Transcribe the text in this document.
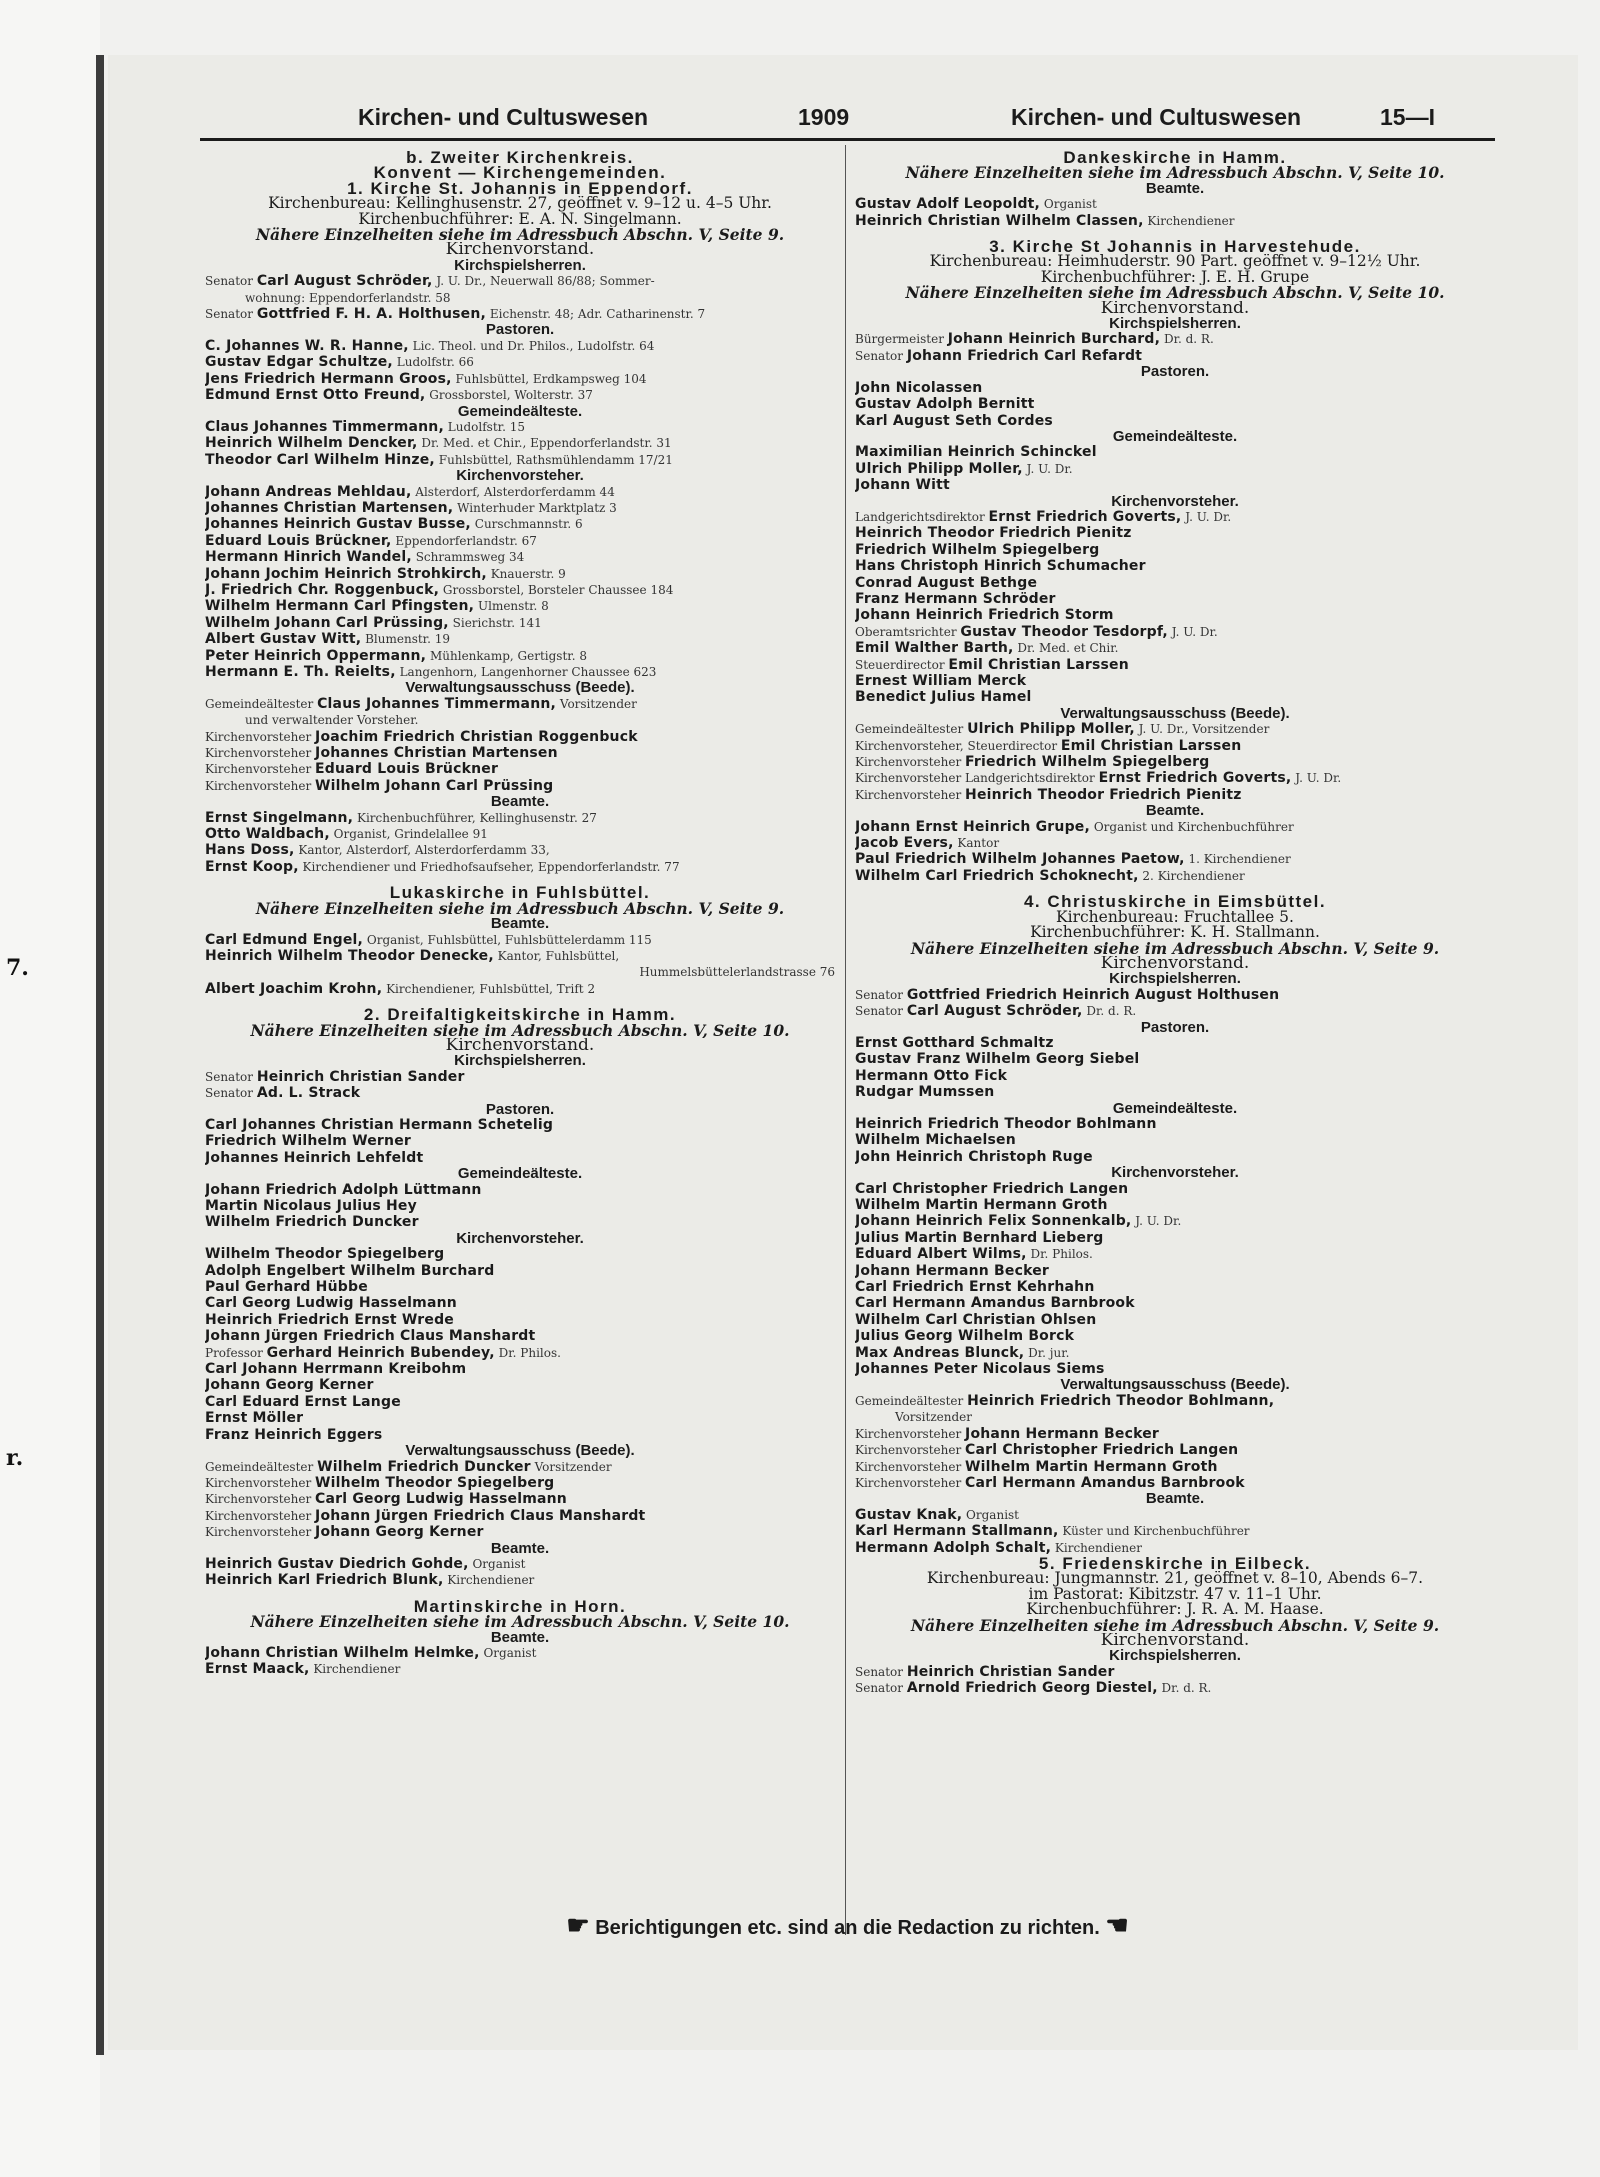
7.
r.
Kirchen- und Cultuswesen	1909	Kirchen- und Cultuswesen	15—I
b. Zweiter Kirchenkreis.
Konvent — Kirchengemeinden.
1. Kirche St. Johannis in Eppendorf.
Kirchenbureau: Kellinghusenstr. 27, geöffnet v. 9–12 u. 4–5 Uhr.
Kirchenbuchführer: E. A. N. Singelmann.
Nähere Einzelheiten siehe im Adressbuch Abschn. V, Seite 9.
Kirchenvorstand.
Kirchspielsherren.
Senator Carl August Schröder, J. U. Dr., Neuerwall 86/88; Sommer-
wohnung: Eppendorferlandstr. 58
Senator Gottfried F. H. A. Holthusen, Eichenstr. 48; Adr. Catharinenstr. 7
Pastoren.
C. Johannes W. R. Hanne, Lic. Theol. und Dr. Philos., Ludolfstr. 64
Gustav Edgar Schultze, Ludolfstr. 66
Jens Friedrich Hermann Groos, Fuhlsbüttel, Erdkampsweg 104
Edmund Ernst Otto Freund, Grossborstel, Wolterstr. 37
Gemeindeälteste.
Claus Johannes Timmermann, Ludolfstr. 15
Heinrich Wilhelm Dencker, Dr. Med. et Chir., Eppendorferlandstr. 31
Theodor Carl Wilhelm Hinze, Fuhlsbüttel, Rathsmühlendamm 17/21
Kirchenvorsteher.
Johann Andreas Mehldau, Alsterdorf, Alsterdorferdamm 44
Johannes Christian Martensen, Winterhuder Marktplatz 3
Johannes Heinrich Gustav Busse, Curschmannstr. 6
Eduard Louis Brückner, Eppendorferlandstr. 67
Hermann Hinrich Wandel, Schrammsweg 34
Johann Jochim Heinrich Strohkirch, Knauerstr. 9
J. Friedrich Chr. Roggenbuck, Grossborstel, Borsteler Chaussee 184
Wilhelm Hermann Carl Pfingsten, Ulmenstr. 8
Wilhelm Johann Carl Prüssing, Sierichstr. 141
Albert Gustav Witt, Blumenstr. 19
Peter Heinrich Oppermann, Mühlenkamp, Gertigstr. 8
Hermann E. Th. Reielts, Langenhorn, Langenhorner Chaussee 623
Verwaltungsausschuss (Beede).
Gemeindeältester Claus Johannes Timmermann, Vorsitzender
und verwaltender Vorsteher.
Kirchenvorsteher Joachim Friedrich Christian Roggenbuck
Kirchenvorsteher Johannes Christian Martensen
Kirchenvorsteher Eduard Louis Brückner
Kirchenvorsteher Wilhelm Johann Carl Prüssing
Beamte.
Ernst Singelmann, Kirchenbuchführer, Kellinghusenstr. 27
Otto Waldbach, Organist, Grindelallee 91
Hans Doss, Kantor, Alsterdorf, Alsterdorferdamm 33,
Ernst Koop, Kirchendiener und Friedhofsaufseher, Eppendorferlandstr. 77
Lukaskirche in Fuhlsbüttel.
Nähere Einzelheiten siehe im Adressbuch Abschn. V, Seite 9.
Beamte.
Carl Edmund Engel, Organist, Fuhlsbüttel, Fuhlsbüttelerdamm 115
Heinrich Wilhelm Theodor Denecke, Kantor, Fuhlsbüttel,
Hummelsbüttelerlandstrasse 76
Albert Joachim Krohn, Kirchendiener, Fuhlsbüttel, Trift 2
2. Dreifaltigkeitskirche in Hamm.
Nähere Einzelheiten siehe im Adressbuch Abschn. V, Seite 10.
Kirchenvorstand.
Kirchspielsherren.
Senator Heinrich Christian Sander
Senator Ad. L. Strack
Pastoren.
Carl Johannes Christian Hermann Schetelig
Friedrich Wilhelm Werner
Johannes Heinrich Lehfeldt
Gemeindeälteste.
Johann Friedrich Adolph Lüttmann
Martin Nicolaus Julius Hey
Wilhelm Friedrich Duncker
Kirchenvorsteher.
Wilhelm Theodor Spiegelberg
Adolph Engelbert Wilhelm Burchard
Paul Gerhard Hübbe
Carl Georg Ludwig Hasselmann
Heinrich Friedrich Ernst Wrede
Johann Jürgen Friedrich Claus Manshardt
Professor Gerhard Heinrich Bubendey, Dr. Philos.
Carl Johann Herrmann Kreibohm
Johann Georg Kerner
Carl Eduard Ernst Lange
Ernst Möller
Franz Heinrich Eggers
Verwaltungsausschuss (Beede).
Gemeindeältester Wilhelm Friedrich Duncker Vorsitzender
Kirchenvorsteher Wilhelm Theodor Spiegelberg
Kirchenvorsteher Carl Georg Ludwig Hasselmann
Kirchenvorsteher Johann Jürgen Friedrich Claus Manshardt
Kirchenvorsteher Johann Georg Kerner
Beamte.
Heinrich Gustav Diedrich Gohde, Organist
Heinrich Karl Friedrich Blunk, Kirchendiener
Martinskirche in Horn.
Nähere Einzelheiten siehe im Adressbuch Abschn. V, Seite 10.
Beamte.
Johann Christian Wilhelm Helmke, Organist
Ernst Maack, Kirchendiener
Dankeskirche in Hamm.
Nähere Einzelheiten siehe im Adressbuch Abschn. V, Seite 10.
Beamte.
Gustav Adolf Leopoldt, Organist
Heinrich Christian Wilhelm Classen, Kirchendiener
3. Kirche St Johannis in Harvestehude.
Kirchenbureau: Heimhuderstr. 90 Part. geöffnet v. 9–12½ Uhr.
Kirchenbuchführer: J. E. H. Grupe
Nähere Einzelheiten siehe im Adressbuch Abschn. V, Seite 10.
Kirchenvorstand.
Kirchspielsherren.
Bürgermeister Johann Heinrich Burchard, Dr. d. R.
Senator Johann Friedrich Carl Refardt
Pastoren.
John Nicolassen
Gustav Adolph Bernitt
Karl August Seth Cordes
Gemeindeälteste.
Maximilian Heinrich Schinckel
Ulrich Philipp Moller, J. U. Dr.
Johann Witt
Kirchenvorsteher.
Landgerichtsdirektor Ernst Friedrich Goverts, J. U. Dr.
Heinrich Theodor Friedrich Pienitz
Friedrich Wilhelm Spiegelberg
Hans Christoph Hinrich Schumacher
Conrad August Bethge
Franz Hermann Schröder
Johann Heinrich Friedrich Storm
Oberamtsrichter Gustav Theodor Tesdorpf, J. U. Dr.
Emil Walther Barth, Dr. Med. et Chir.
Steuerdirector Emil Christian Larssen
Ernest William Merck
Benedict Julius Hamel
Verwaltungsausschuss (Beede).
Gemeindeältester Ulrich Philipp Moller, J. U. Dr., Vorsitzender
Kirchenvorsteher, Steuerdirector Emil Christian Larssen
Kirchenvorsteher Friedrich Wilhelm Spiegelberg
Kirchenvorsteher Landgerichtsdirektor Ernst Friedrich Goverts, J. U. Dr.
Kirchenvorsteher Heinrich Theodor Friedrich Pienitz
Beamte.
Johann Ernst Heinrich Grupe, Organist und Kirchenbuchführer
Jacob Evers, Kantor
Paul Friedrich Wilhelm Johannes Paetow, 1. Kirchendiener
Wilhelm Carl Friedrich Schoknecht, 2. Kirchendiener
4. Christuskirche in Eimsbüttel.
Kirchenbureau: Fruchtallee 5.
Kirchenbuchführer: K. H. Stallmann.
Nähere Einzelheiten siehe im Adressbuch Abschn. V, Seite 9.
Kirchenvorstand.
Kirchspielsherren.
Senator Gottfried Friedrich Heinrich August Holthusen
Senator Carl August Schröder, Dr. d. R.
Pastoren.
Ernst Gotthard Schmaltz
Gustav Franz Wilhelm Georg Siebel
Hermann Otto Fick
Rudgar Mumssen
Gemeindeälteste.
Heinrich Friedrich Theodor Bohlmann
Wilhelm Michaelsen
John Heinrich Christoph Ruge
Kirchenvorsteher.
Carl Christopher Friedrich Langen
Wilhelm Martin Hermann Groth
Johann Heinrich Felix Sonnenkalb, J. U. Dr.
Julius Martin Bernhard Lieberg
Eduard Albert Wilms, Dr. Philos.
Johann Hermann Becker
Carl Friedrich Ernst Kehrhahn
Carl Hermann Amandus Barnbrook
Wilhelm Carl Christian Ohlsen
Julius Georg Wilhelm Borck
Max Andreas Blunck, Dr. jur.
Johannes Peter Nicolaus Siems
Verwaltungsausschuss (Beede).
Gemeindeältester Heinrich Friedrich Theodor Bohlmann,
Vorsitzender
Kirchenvorsteher Johann Hermann Becker
Kirchenvorsteher Carl Christopher Friedrich Langen
Kirchenvorsteher Wilhelm Martin Hermann Groth
Kirchenvorsteher Carl Hermann Amandus Barnbrook
Beamte.
Gustav Knak, Organist
Karl Hermann Stallmann, Küster und Kirchenbuchführer
Hermann Adolph Schalt, Kirchendiener
5. Friedenskirche in Eilbeck.
Kirchenbureau: Jungmannstr. 21, geöffnet v. 8–10, Abends 6–7.
im Pastorat: Kibitzstr. 47 v. 11–1 Uhr.
Kirchenbuchführer: J. R. A. M. Haase.
Nähere Einzelheiten siehe im Adressbuch Abschn. V, Seite 9.
Kirchenvorstand.
Kirchspielsherren.
Senator Heinrich Christian Sander
Senator Arnold Friedrich Georg Diestel, Dr. d. R.
☛ Berichtigungen etc. sind an die Redaction zu richten. ☚
